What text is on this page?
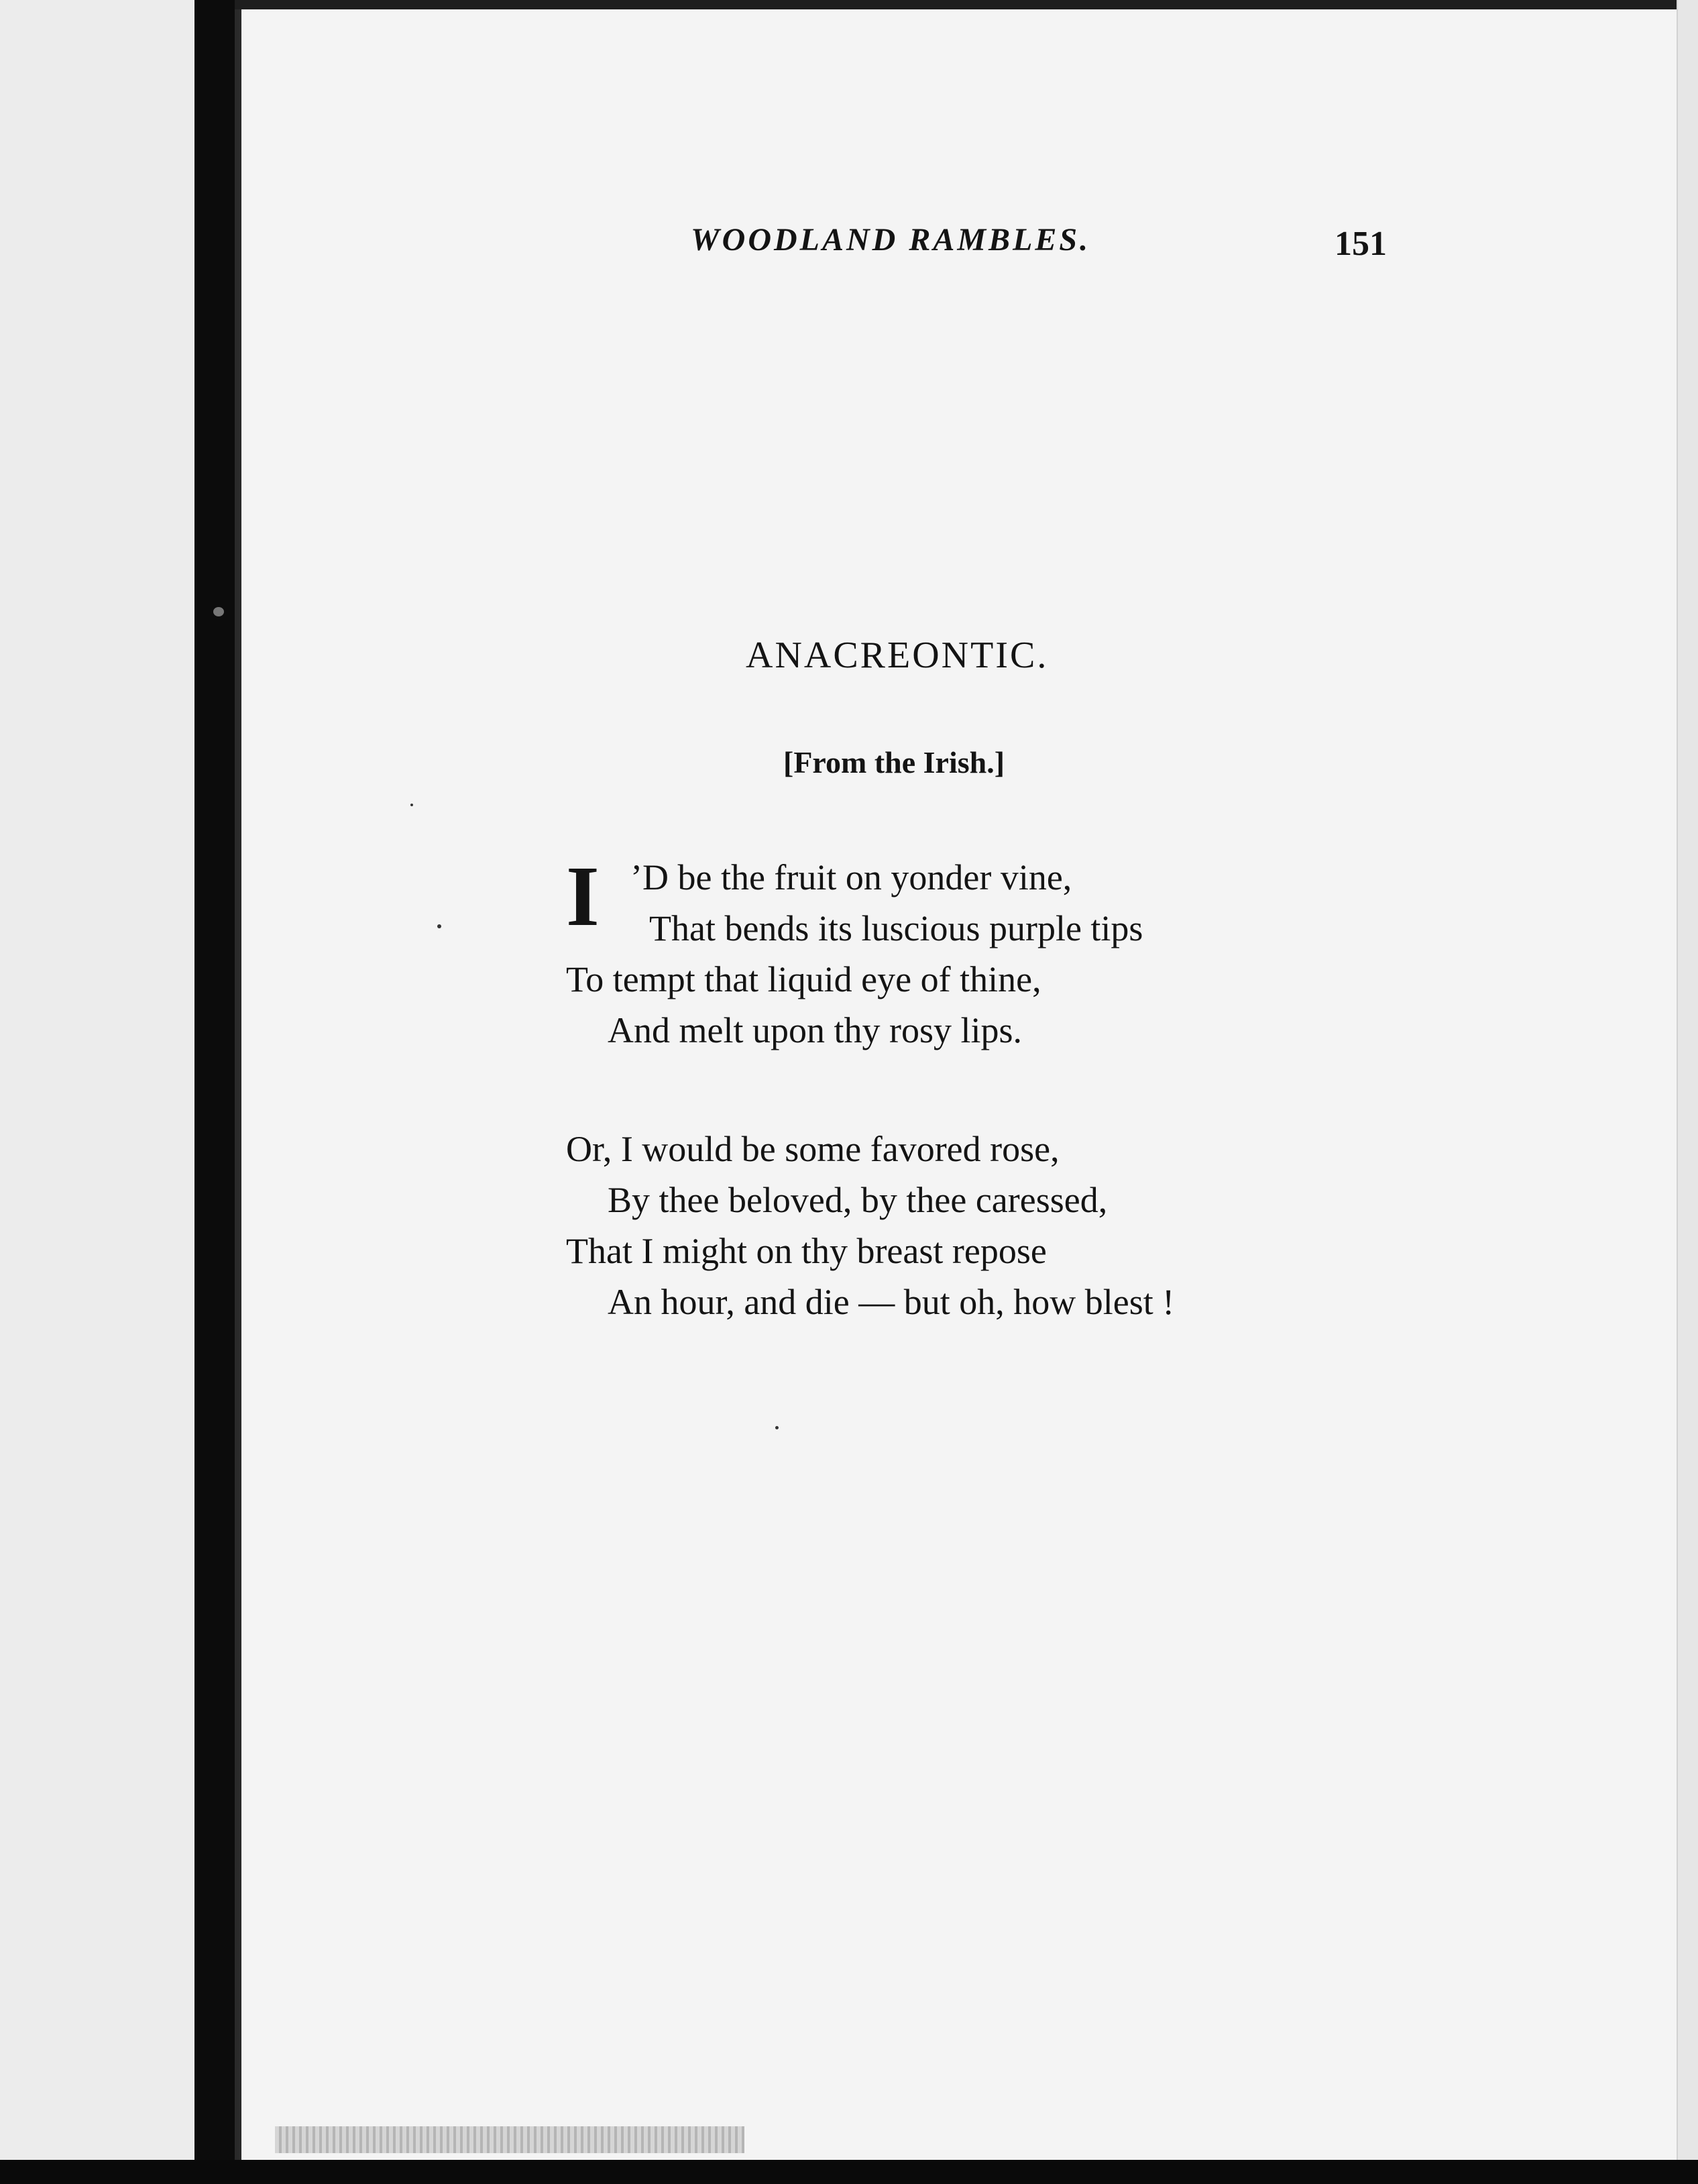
WOODLAND RAMBLES.	151
ANACREONTIC.
[From the Irish.]
I ’D be the fruit on yonder vine,
That bends its luscious purple tips
To tempt that liquid eye of thine,
And melt upon thy rosy lips.
Or, I would be some favored rose,
By thee beloved, by thee caressed,
That I might on thy breast repose
An hour, and die — but oh, how blest !
